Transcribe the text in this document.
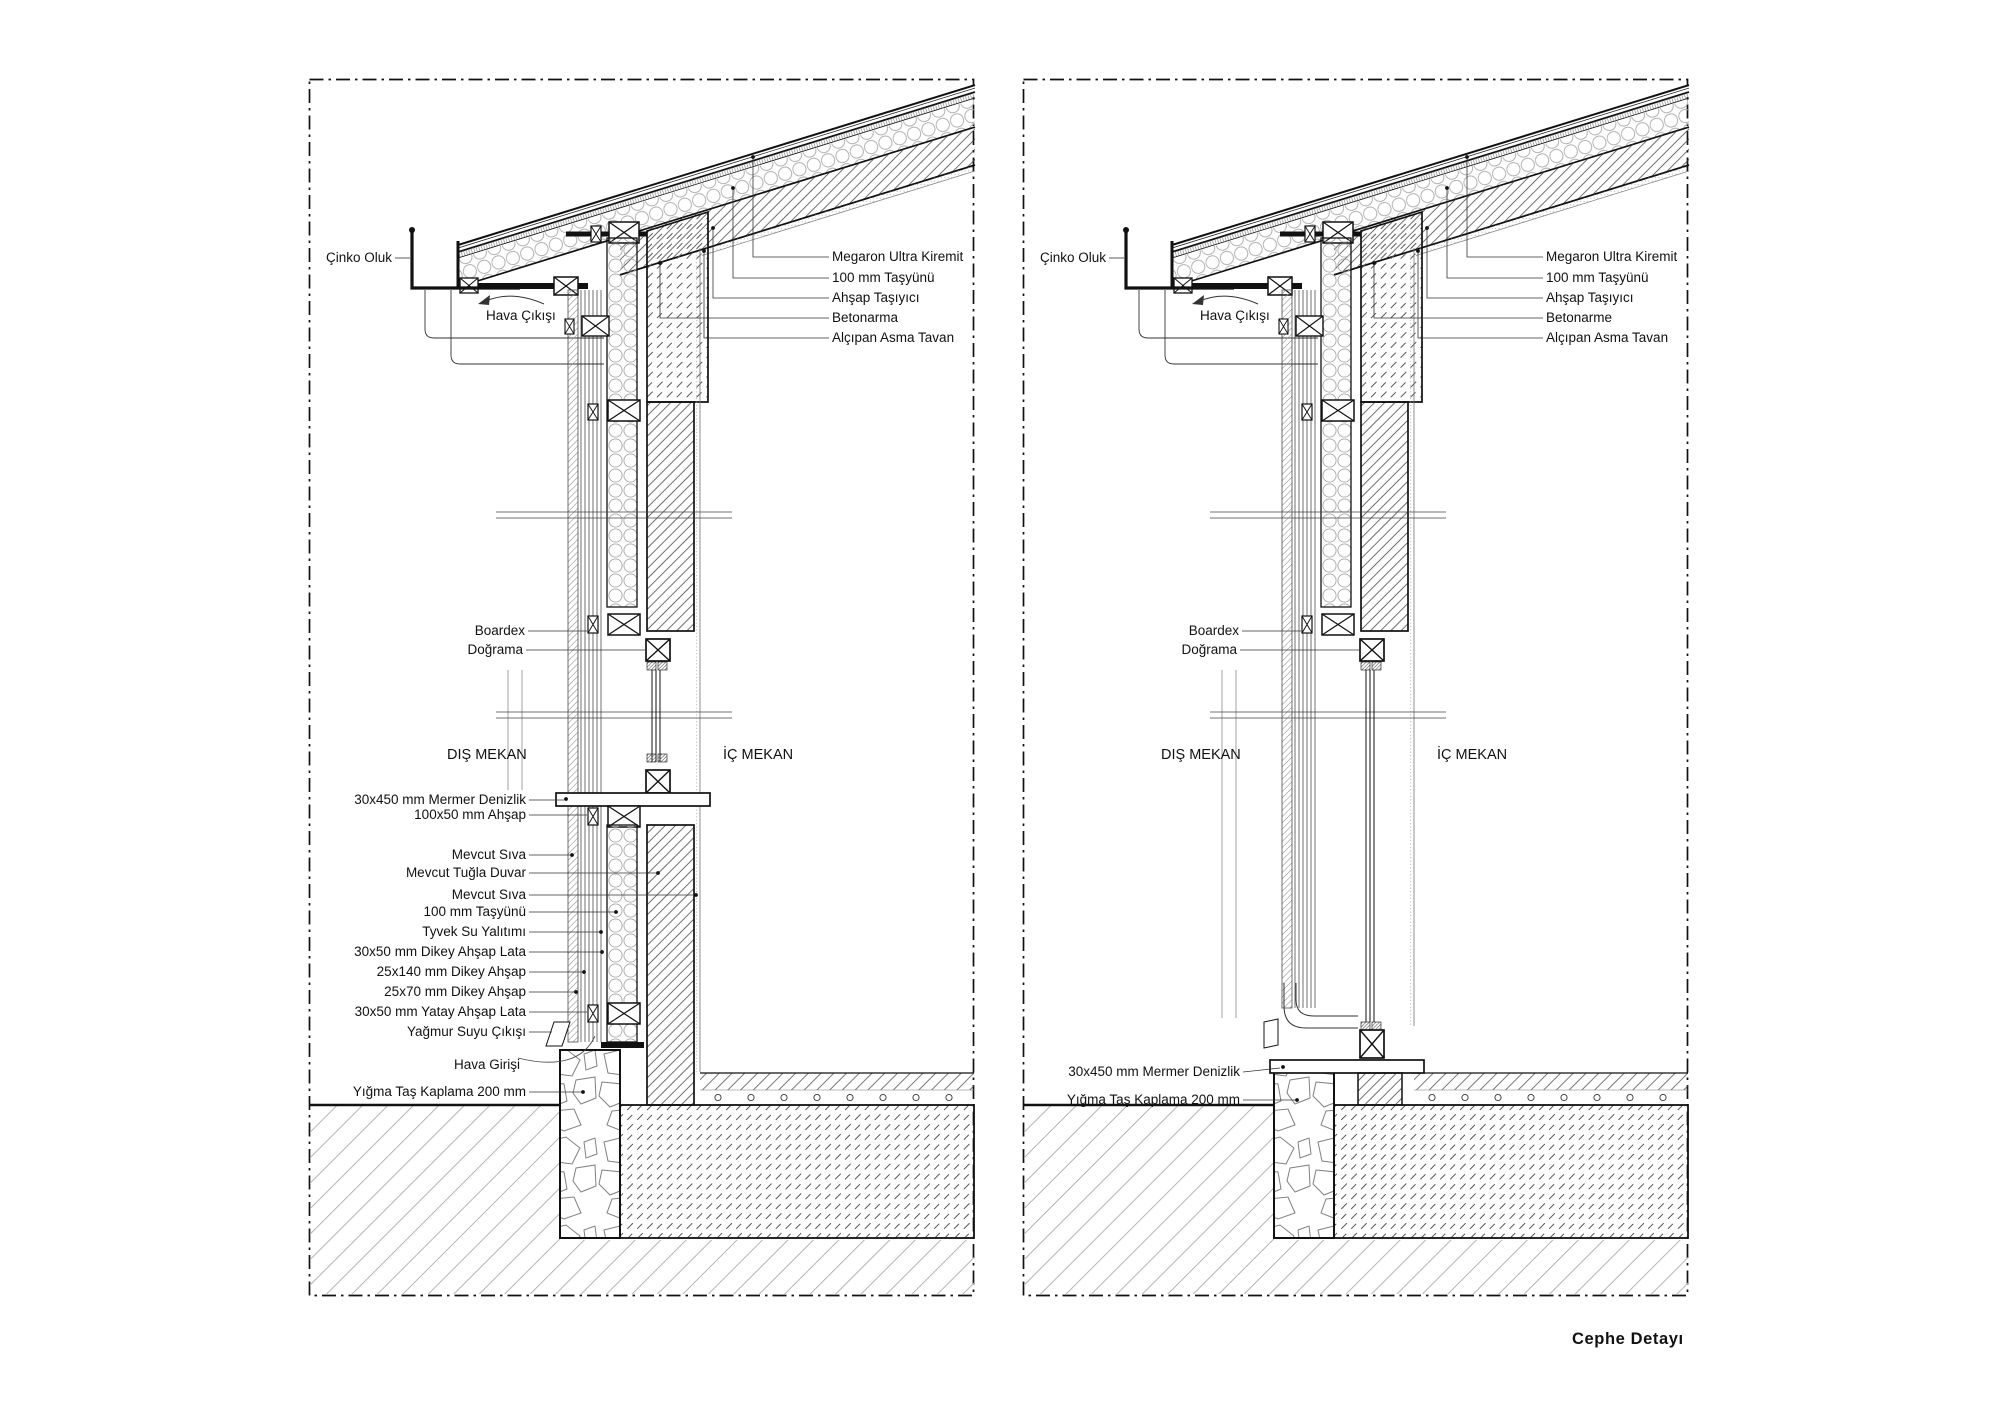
Çinko Oluk
Hava Çıkışı
Megaron Ultra Kiremit
100 mm Taşyünü
Ahşap Taşıyıcı
Betonarma
Alçıpan Asma Tavan
Boardex
Doğrama
DIŞ MEKAN	İÇ MEKAN
30x450 mm Mermer Denizlik
100x50 mm Ahşap
Mevcut Sıva
Mevcut Tuğla Duvar
Mevcut Sıva
100 mm Taşyünü
Tyvek Su Yalıtımı
30x50 mm Dikey Ahşap Lata
25x140 mm Dikey Ahşap
25x70 mm Dikey Ahşap
30x50 mm Yatay Ahşap Lata
Yağmur Suyu Çıkışı
Yığma Taş Kaplama 200 mm
Hava Girişi
Çinko Oluk
Hava Çıkışı
Megaron Ultra Kiremit
100 mm Taşyünü
Ahşap Taşıyıcı
Betonarme
Alçıpan Asma Tavan
Boardex
Doğrama
DIŞ MEKAN	İÇ MEKAN
30x450 mm Mermer Denizlik
Yığma Taş Kaplama 200 mm
Cephe Detayı
